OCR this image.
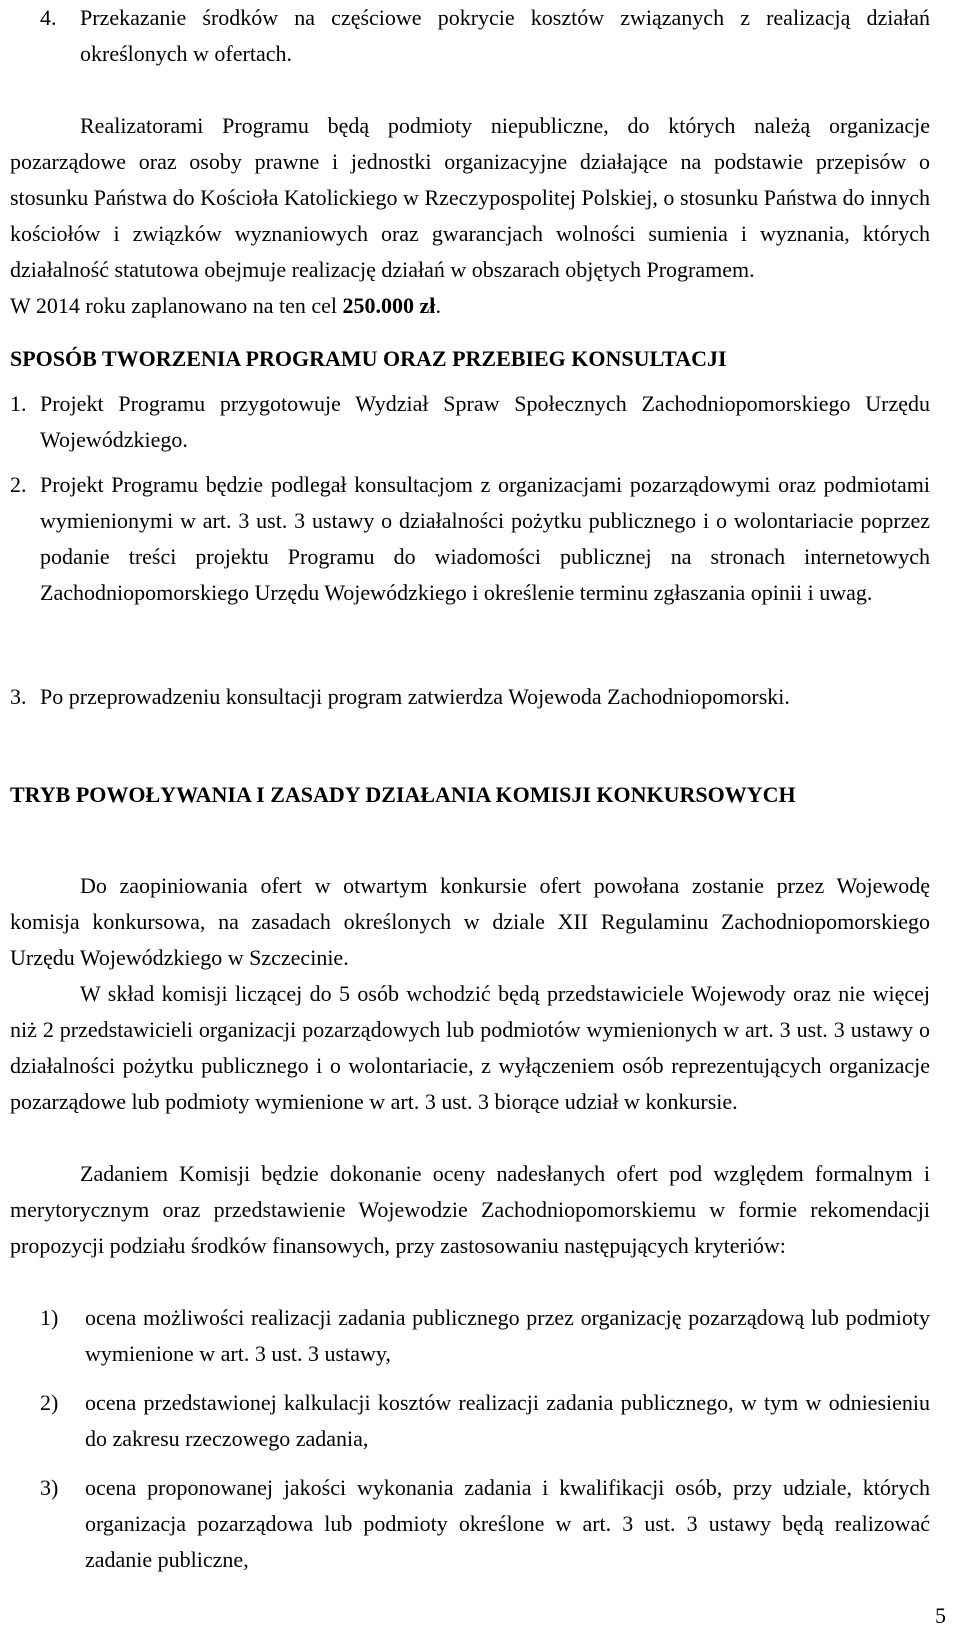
4. Przekazanie środków na częściowe pokrycie kosztów związanych z realizacją działań określonych w ofertach.
Realizatorami Programu będą podmioty niepubliczne, do których należą organizacje pozarządowe oraz osoby prawne i jednostki organizacyjne działające na podstawie przepisów o stosunku Państwa do Kościoła Katolickiego w Rzeczypospolitej Polskiej, o stosunku Państwa do innych kościołów i związków wyznaniowych oraz gwarancjach wolności sumienia i wyznania, których działalność statutowa obejmuje realizację działań w obszarach objętych Programem.
W 2014 roku zaplanowano na ten cel 250.000 zł.
SPOSÓB TWORZENIA PROGRAMU ORAZ PRZEBIEG KONSULTACJI
1. Projekt Programu przygotowuje Wydział Spraw Społecznych Zachodniopomorskiego Urzędu Wojewódzkiego.
2. Projekt Programu będzie podlegał konsultacjom z organizacjami pozarządowymi oraz podmiotami wymienionymi w art. 3 ust. 3 ustawy o działalności pożytku publicznego i o wolontariacie poprzez podanie treści projektu Programu do wiadomości publicznej na stronach internetowych Zachodniopomorskiego Urzędu Wojewódzkiego i określenie terminu zgłaszania opinii i uwag.
3. Po przeprowadzeniu konsultacji program zatwierdza Wojewoda Zachodniopomorski.
TRYB POWOŁYWANIA I ZASADY DZIAŁANIA KOMISJI KONKURSOWYCH
Do zaopiniowania ofert w otwartym konkursie ofert powołana zostanie przez Wojewodę komisja konkursowa, na zasadach określonych w dziale XII Regulaminu Zachodniopomorskiego Urzędu Wojewódzkiego w Szczecinie.
W skład komisji liczącej do 5 osób wchodzić będą przedstawiciele Wojewody oraz nie więcej niż 2 przedstawicieli organizacji pozarządowych lub podmiotów wymienionych w art. 3 ust. 3 ustawy o działalności pożytku publicznego i o wolontariacie, z wyłączeniem osób reprezentujących organizacje pozarządowe lub podmioty wymienione w art. 3 ust. 3 biorące udział w konkursie.
Zadaniem Komisji będzie dokonanie oceny nadesłanych ofert pod względem formalnym i merytorycznym oraz przedstawienie Wojewodzie Zachodniopomorskiemu w formie rekomendacji propozycji podziału środków finansowych, przy zastosowaniu następujących kryteriów:
1) ocena możliwości realizacji zadania publicznego przez organizację pozarządową lub podmioty wymienione w art. 3 ust. 3 ustawy,
2) ocena przedstawionej kalkulacji kosztów realizacji zadania publicznego, w tym w odniesieniu do zakresu rzeczowego zadania,
3) ocena proponowanej jakości wykonania zadania i kwalifikacji osób, przy udziale, których organizacja pozarządowa lub podmioty określone w art. 3 ust. 3 ustawy będą realizować zadanie publiczne,
5
